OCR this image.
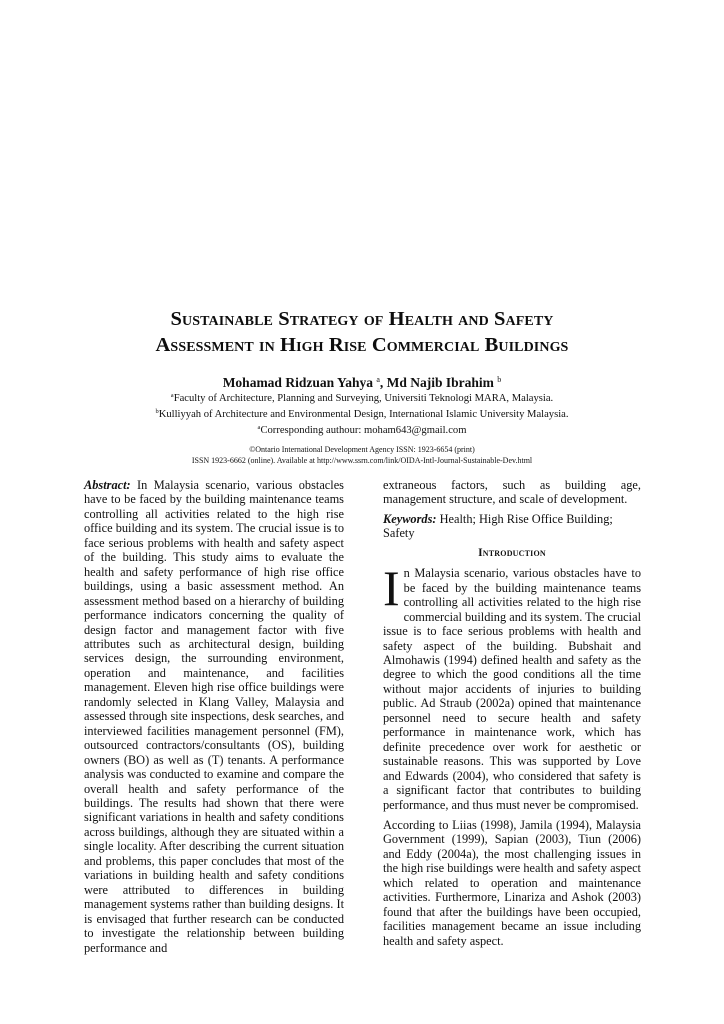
Sustainable Strategy of Health and Safety
Assessment in High Rise Commercial Buildings
Mohamad Ridzuan Yahya $^a$, Md Najib Ibrahim $^b$
$^a$Faculty of Architecture, Planning and Surveying, Universiti Teknologi MARA, Malaysia.
$^b$Kulliyyah of Architecture and Environmental Design, International Islamic University Malaysia.
$^a$Corresponding authour: moham643@gmail.com
©Ontario International Development Agency ISSN: 1923-6654 (print)
ISSN 1923-6662 (online). Available at http://www.ssrn.com/link/OIDA-Intl-Journal-Sustainable-Dev.html

Abstract: In Malaysia scenario, various obstacles have to be faced by the building maintenance teams controlling all activities related to the high rise office building and its system. The crucial issue is to face serious problems with health and safety aspect of the building. This study aims to evaluate the health and safety performance of high rise office buildings, using a basic assessment method. An assessment method based on a hierarchy of building performance indicators concerning the quality of design factor and management factor with five attributes such as architectural design, building services design, the surrounding environment, operation and maintenance, and facilities management. Eleven high rise office buildings were randomly selected in Klang Valley, Malaysia and assessed through site inspections, desk searches, and interviewed facilities management personnel (FM), outsourced contractors/consultants (OS), building owners (BO) as well as (T) tenants. A performance analysis was conducted to examine and compare the overall health and safety performance of the buildings. The results had shown that there were significant variations in health and safety conditions across buildings, although they are situated within a single locality. After describing the current situation and problems, this paper concludes that most of the variations in building health and safety conditions were attributed to differences in building management systems rather than building designs. It is envisaged that further research can be conducted to investigate the relationship between building performance and

extraneous factors, such as building age, management structure, and scale of development.

Keywords: Health; High Rise Office Building; Safety

Introduction

In Malaysia scenario, various obstacles have to be faced by the building maintenance teams controlling all activities related to the high rise commercial building and its system. The crucial issue is to face serious problems with health and safety aspect of the building. Bubshait and Almohawis (1994) defined health and safety as the degree to which the good conditions all the time without major accidents of injuries to building public. Ad Straub (2002a) opined that maintenance personnel need to secure health and safety performance in maintenance work, which has definite precedence over work for aesthetic or sustainable reasons. This was supported by Love and Edwards (2004), who considered that safety is a significant factor that contributes to building performance, and thus must never be compromised.

According to Liias (1998), Jamila (1994), Malaysia Government (1999), Sapian (2003), Tiun (2006) and Eddy (2004a), the most challenging issues in the high rise buildings were health and safety aspect which related to operation and maintenance activities. Furthermore, Linariza and Ashok (2003) found that after the buildings have been occupied, facilities management became an issue including health and safety aspect.
